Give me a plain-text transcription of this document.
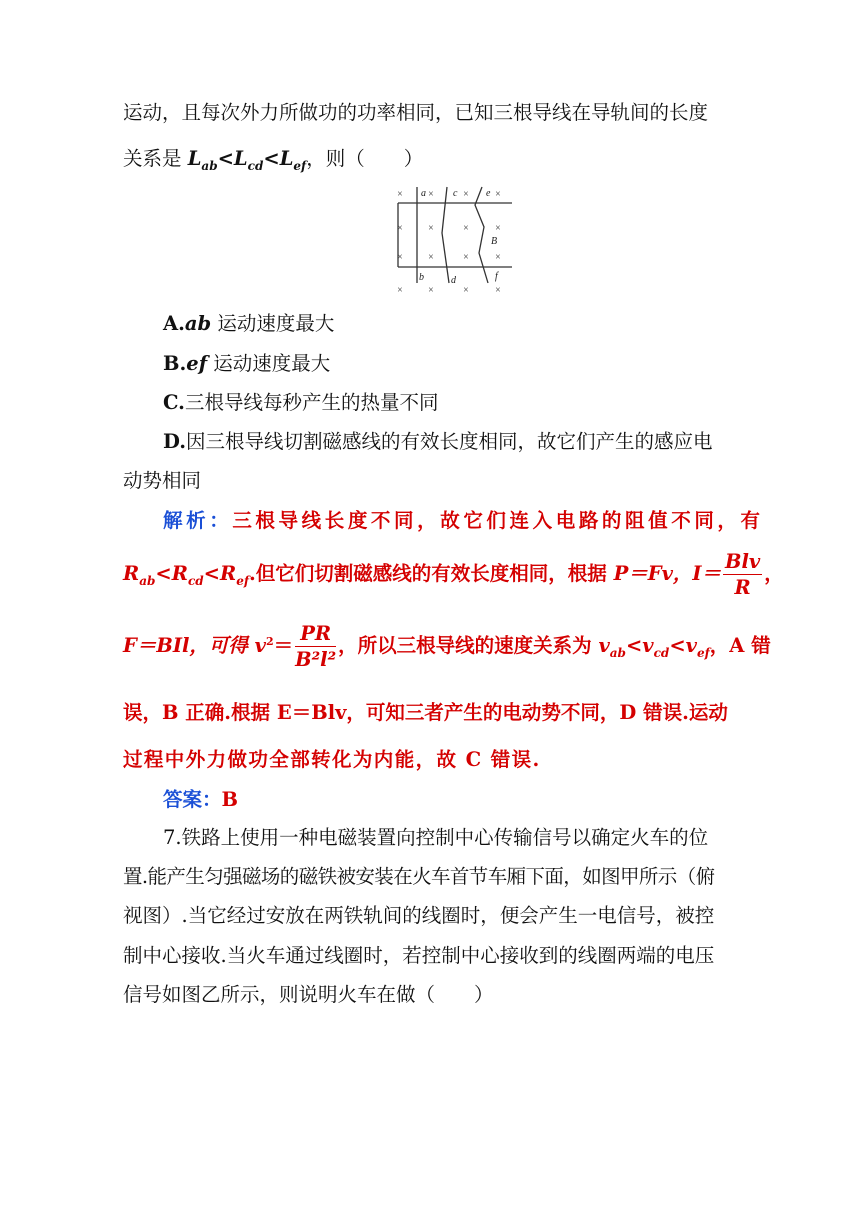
运动，且每次外力所做功的功率相同，已知三根导线在导轨间的长度
关系是 $L_{ab}<L_{cd}<L_{ef}$，则（　　）
×	×	×	×
×	×	×	×
×	×	×	×
×	×	×	×
a	c	e
b	d	f
B
A.ab 运动速度最大
B.ef 运动速度最大
C.三根导线每秒产生的热量不同
D.因三根导线切割磁感线的有效长度相同，故它们产生的感应电
动势相同
解析：三根导线长度不同，故它们连入电路的阻值不同，有
$R_{ab}<R_{cd}<R_{ef}$.但它们切割磁感线的有效长度相同，根据 P＝Fv，$I= \frac{\text{Blv}}{R}$ ，
F＝BIl，可得 $v^2= \frac{PR}{\text{B²l²}}$ ，所以三根导线的速度关系为 $v_{ab}<v_{cd}<v_{ef}$，A 错
误，B 正确.根据 E＝Blv，可知三者产生的电动势不同，D 错误.运动
过程中外力做功全部转化为内能，故 C 错误.
答案：B
7.铁路上使用一种电磁装置向控制中心传输信号以确定火车的位
置.能产生匀强磁场的磁铁被安装在火车首节车厢下面，如图甲所示（俯
视图）.当它经过安放在两铁轨间的线圈时，便会产生一电信号，被控
制中心接收.当火车通过线圈时，若控制中心接收到的线圈两端的电压
信号如图乙所示，则说明火车在做（　　）
